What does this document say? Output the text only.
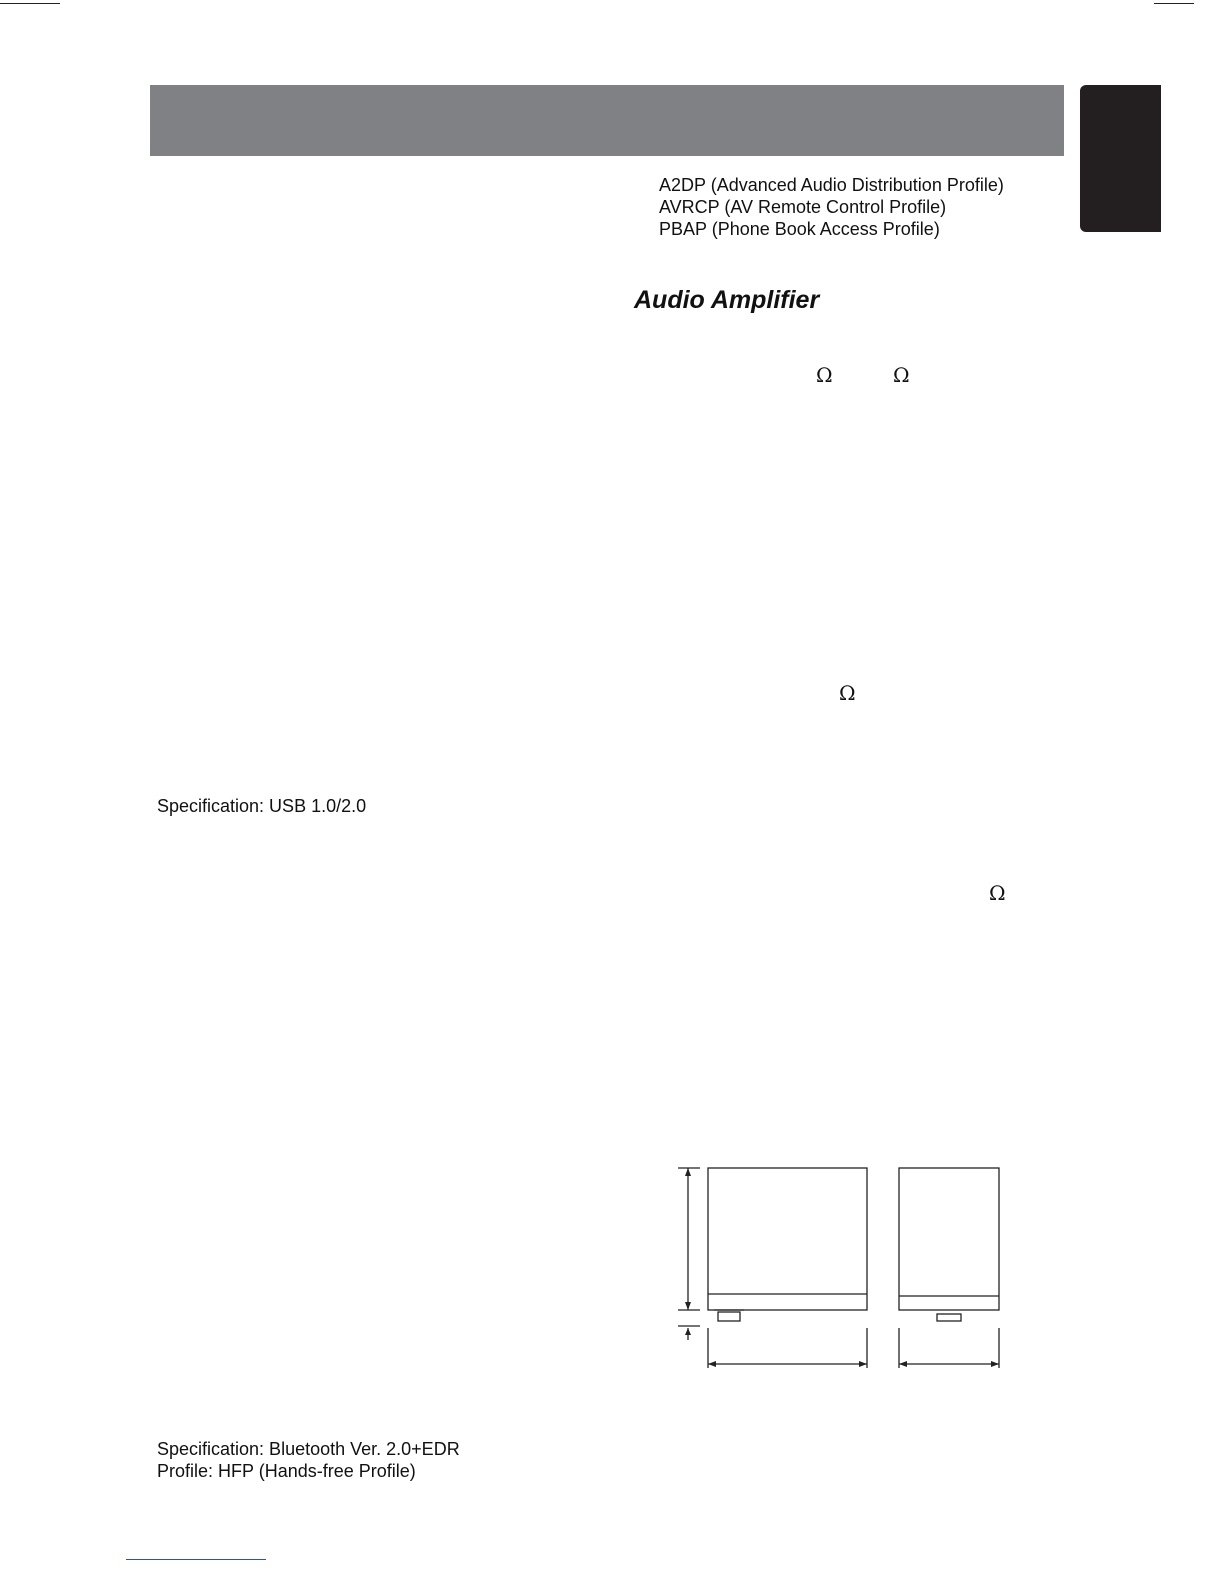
A2DP (Advanced Audio Distribution Profile)
AVRCP (AV Remote Control Profile)
PBAP (Phone Book Access Profile)
Audio Amplifier
Ω	Ω
Ω
Ω
Specification: USB 1.0/2.0
Specification: Bluetooth Ver. 2.0+EDR
Profile: HFP (Hands-free Profile)
